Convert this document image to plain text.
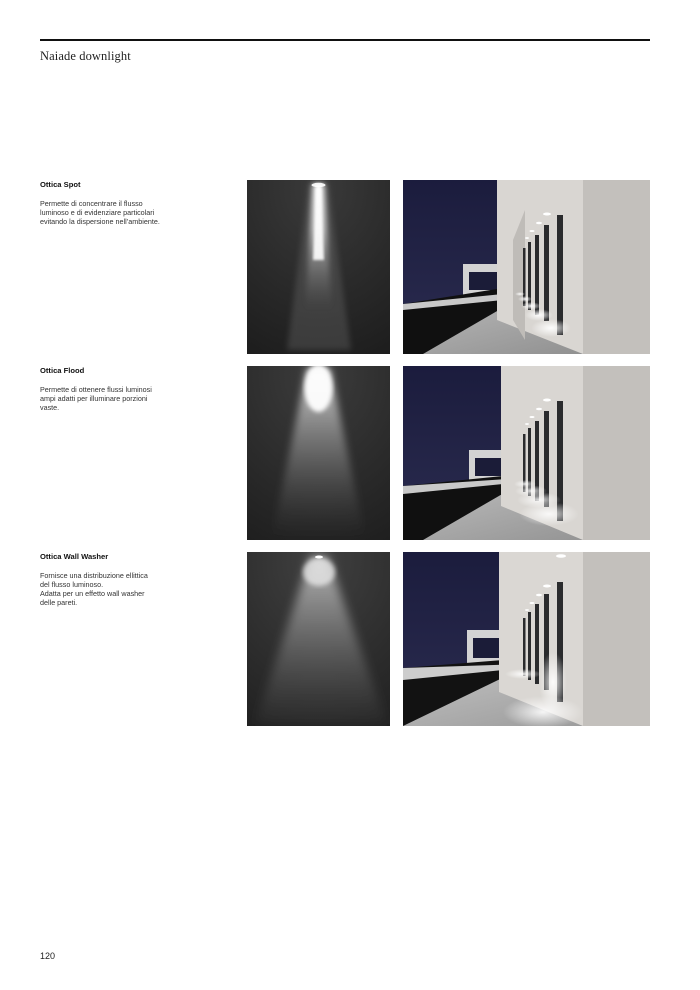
Naiade downlight
Ottica Spot
Permette di concentrare il flusso
luminoso e di evidenziare particolari
evitando la dispersione nell’ambiente.
Ottica Flood
Permette di ottenere flussi luminosi
ampi adatti per illuminare porzioni
vaste.
Ottica Wall Washer
Fornisce una distribuzione ellittica
del flusso luminoso.
Adatta per un effetto wall washer
delle pareti.
120
